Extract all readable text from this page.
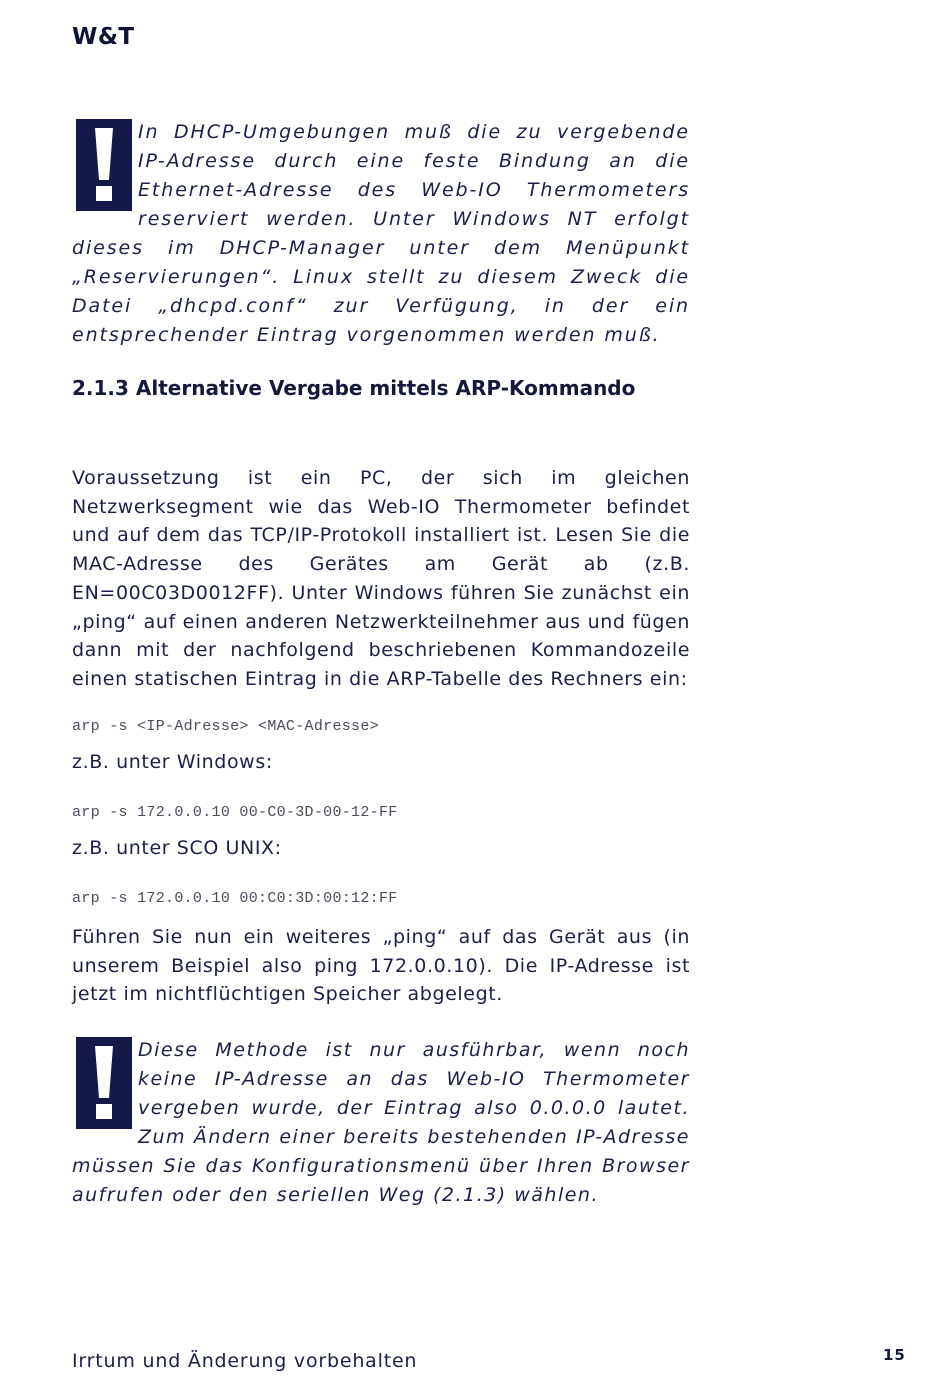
W&T
In DHCP-Umgebungen muß die zu vergebende IP-Adresse durch eine feste Bindung an die Ethernet-Adresse des Web-IO Thermometers reserviert werden. Unter Windows NT erfolgt dieses im DHCP-Manager unter dem Menüpunkt „Reservierungen“. Linux stellt zu diesem Zweck die Datei „dhcpd.conf“ zur Verfügung, in der ein entsprechender Eintrag vorgenommen werden muß.
2.1.3 Alternative Vergabe mittels ARP-Kommando
Voraussetzung ist ein PC, der sich im gleichen Netzwerksegment wie das Web-IO Thermometer befindet und auf dem das TCP/IP-Protokoll installiert ist. Lesen Sie die MAC-Adresse des Gerätes am Gerät ab (z.B. EN=00C03D0012FF). Unter Windows führen Sie zunächst ein „ping“ auf einen anderen Netzwerkteilnehmer aus und fügen dann mit der nachfolgend beschriebenen Kommandozeile einen statischen Eintrag in die ARP-Tabelle des Rechners ein:
arp -s <IP-Adresse> <MAC-Adresse>
z.B. unter Windows:
arp -s 172.0.0.10 00-C0-3D-00-12-FF
z.B. unter SCO UNIX:
arp -s 172.0.0.10 00:C0:3D:00:12:FF
Führen Sie nun ein weiteres „ping“ auf das Gerät aus (in unserem Beispiel also ping 172.0.0.10). Die IP-Adresse ist jetzt im nichtflüchtigen Speicher abgelegt.
Diese Methode ist nur ausführbar, wenn noch keine IP-Adresse an das Web-IO Thermometer vergeben wurde, der Eintrag also 0.0.0.0 lautet. Zum Ändern einer bereits bestehenden IP-Adresse müssen Sie das Konfigurationsmenü über Ihren Browser aufrufen oder den seriellen Weg (2.1.3) wählen.
Irrtum und Änderung vorbehalten	15
